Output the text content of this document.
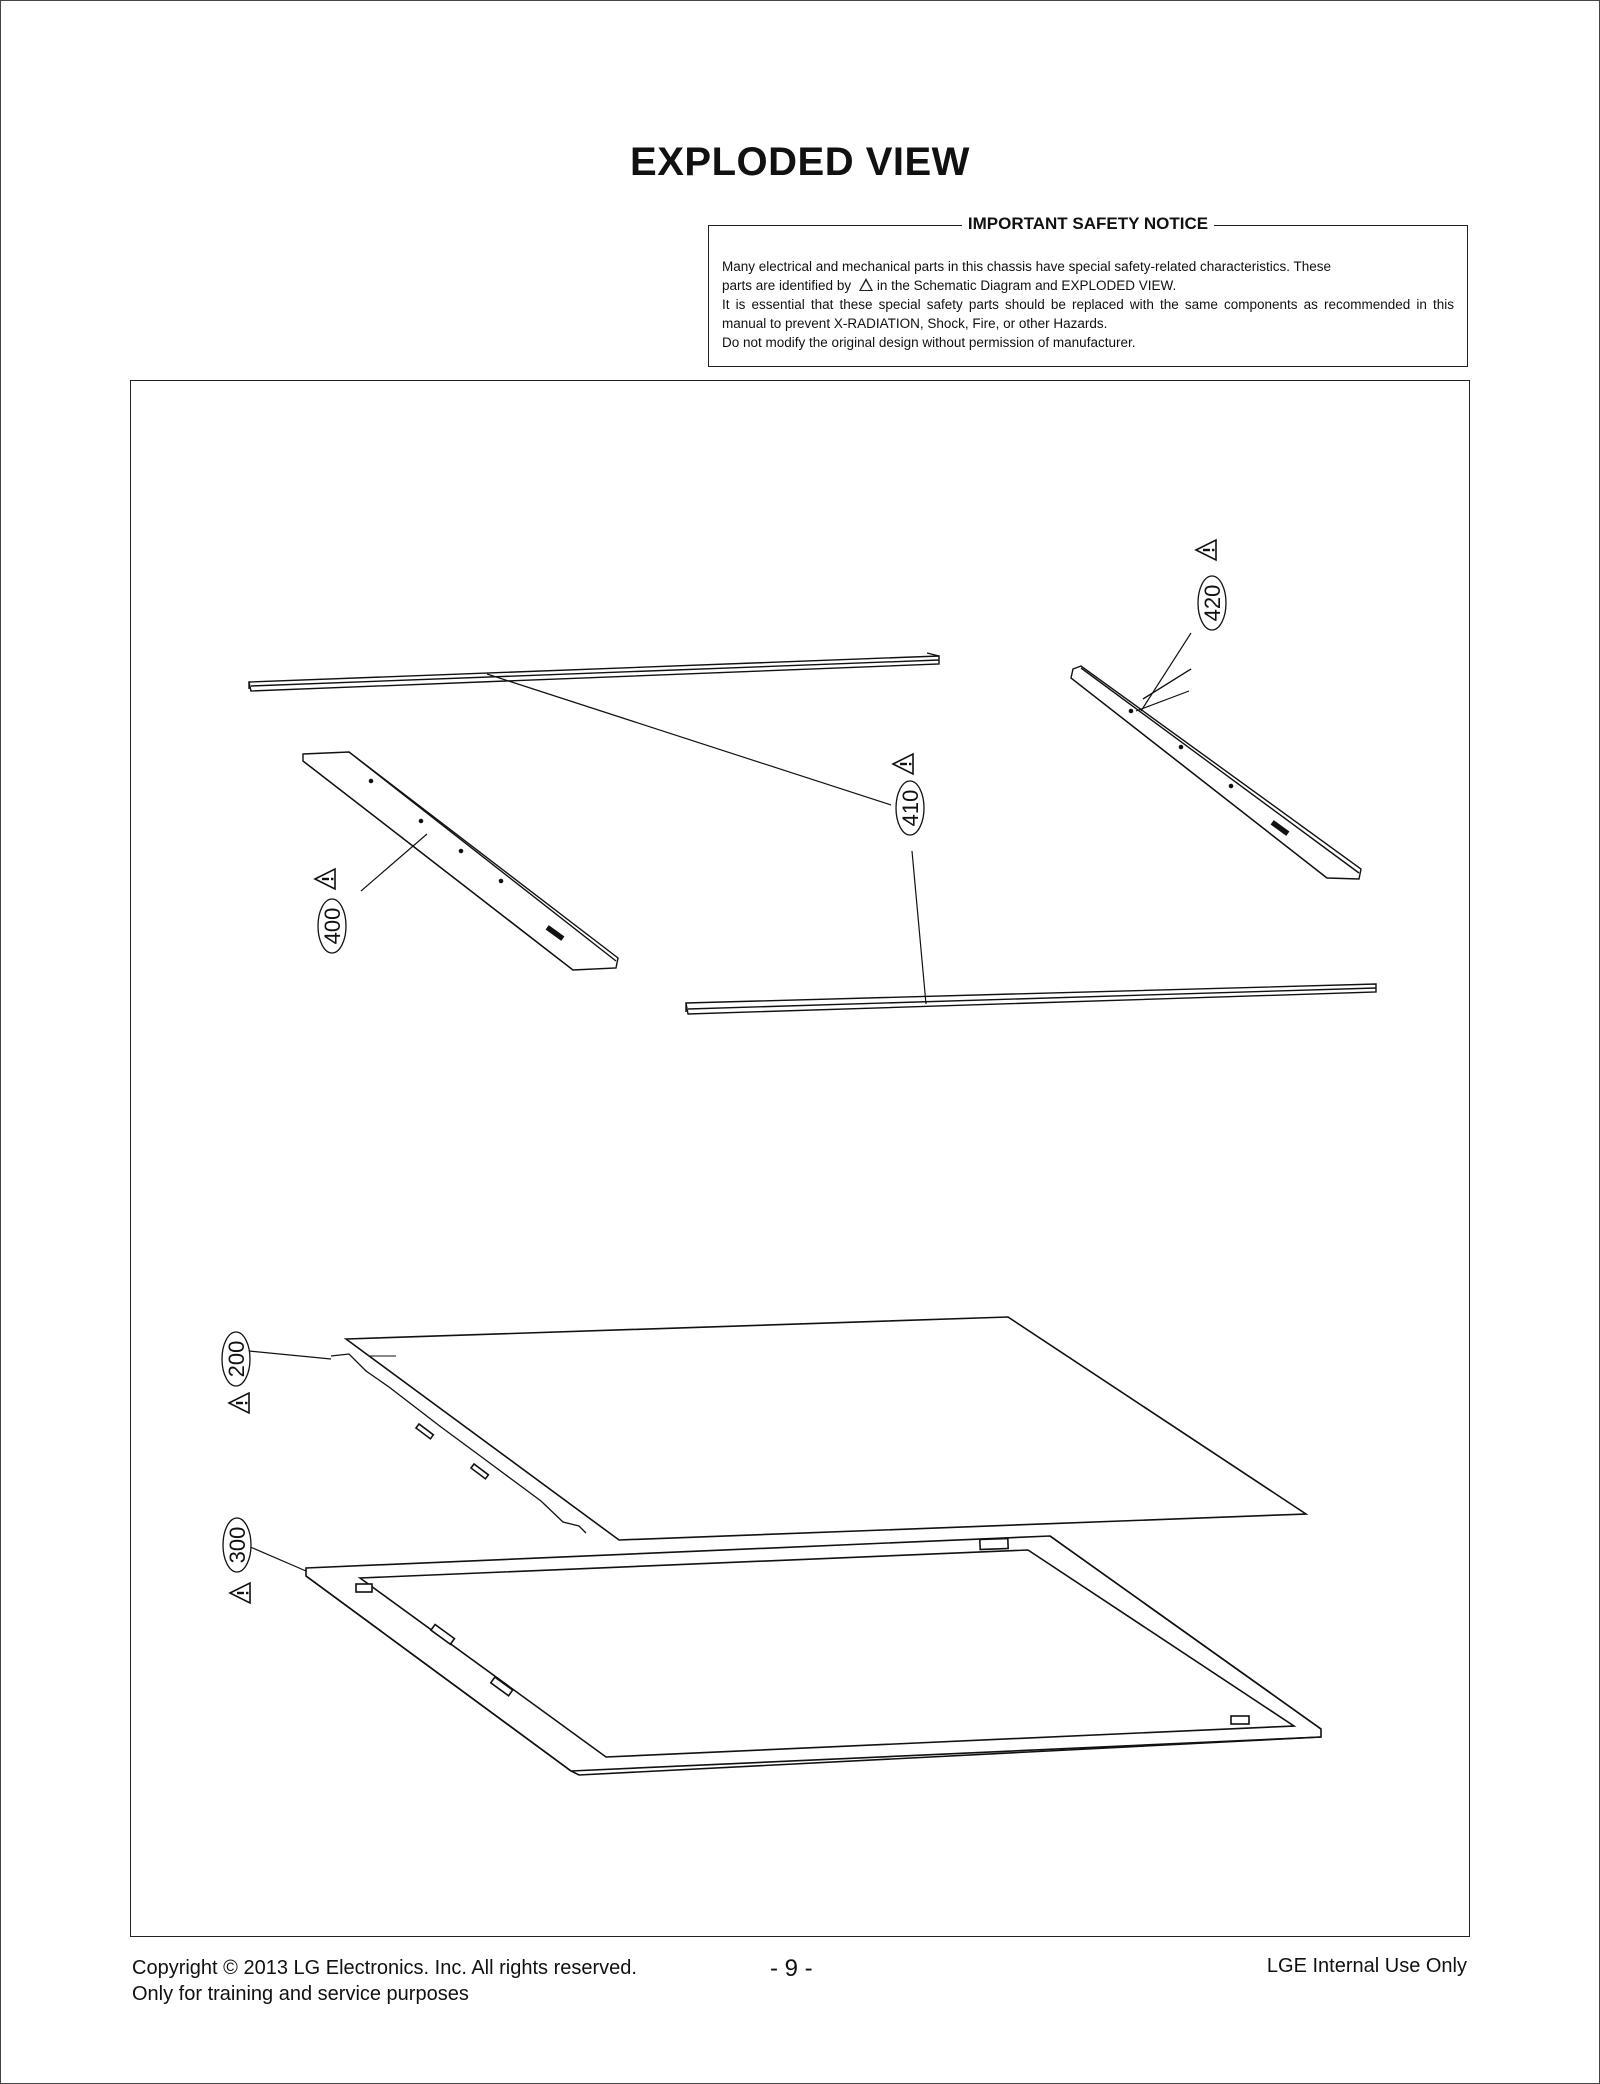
EXPLODED VIEW
IMPORTANT SAFETY NOTICE

Many electrical and mechanical parts in this chassis have special safety-related characteristics. These

parts are identified by in the Schematic Diagram and EXPLODED VIEW.

It is essential that these special safety parts should be replaced with the same components as recommended in this manual to prevent X-RADIATION, Shock, Fire, or other Hazards.

Do not modify the original design without permission of manufacturer.

400
410
420
200
300
Copyright © 2013 LG Electronics. Inc. All rights reserved.
Only for training and service purposes
- 9 -	LGE Internal Use Only
